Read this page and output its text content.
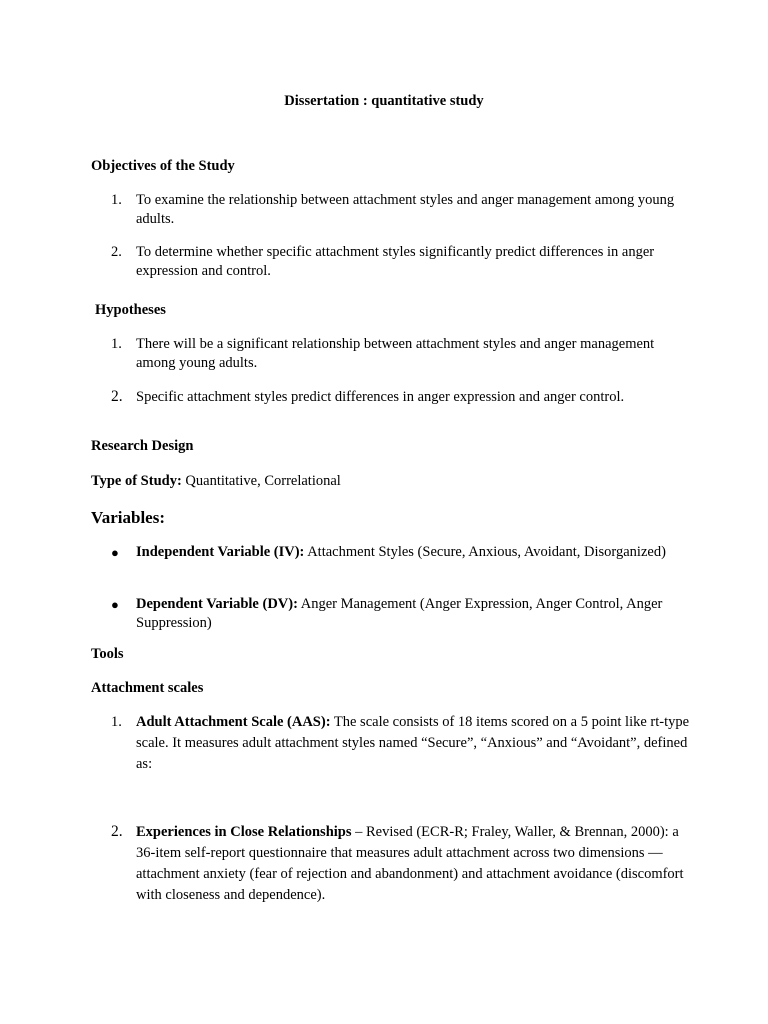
Dissertation : quantitative study
Objectives of the Study
1. To examine the relationship between attachment styles and anger management among young adults.
2. To determine whether specific attachment styles significantly predict differences in anger expression and control.
Hypotheses
1. There will be a significant relationship between attachment styles and anger management among young adults.
2. Specific attachment styles predict differences in anger expression and anger control.
Research Design
Type of Study: Quantitative, Correlational
Variables:
● Independent Variable (IV): Attachment Styles (Secure, Anxious, Avoidant, Disorganized)
● Dependent Variable (DV): Anger Management (Anger Expression, Anger Control, Anger Suppression)
Tools
Attachment scales
1. Adult Attachment Scale (AAS): The scale consists of 18 items scored on a 5 point like rt-type scale. It measures adult attachment styles named “Secure”, “Anxious” and “Avoidant”, defined as:
2. Experiences in Close Relationships – Revised (ECR-R; Fraley, Waller, & Brennan, 2000): a 36-item self-report questionnaire that measures adult attachment across two dimensions — attachment anxiety (fear of rejection and abandonment) and attachment avoidance (discomfort with closeness and dependence).
